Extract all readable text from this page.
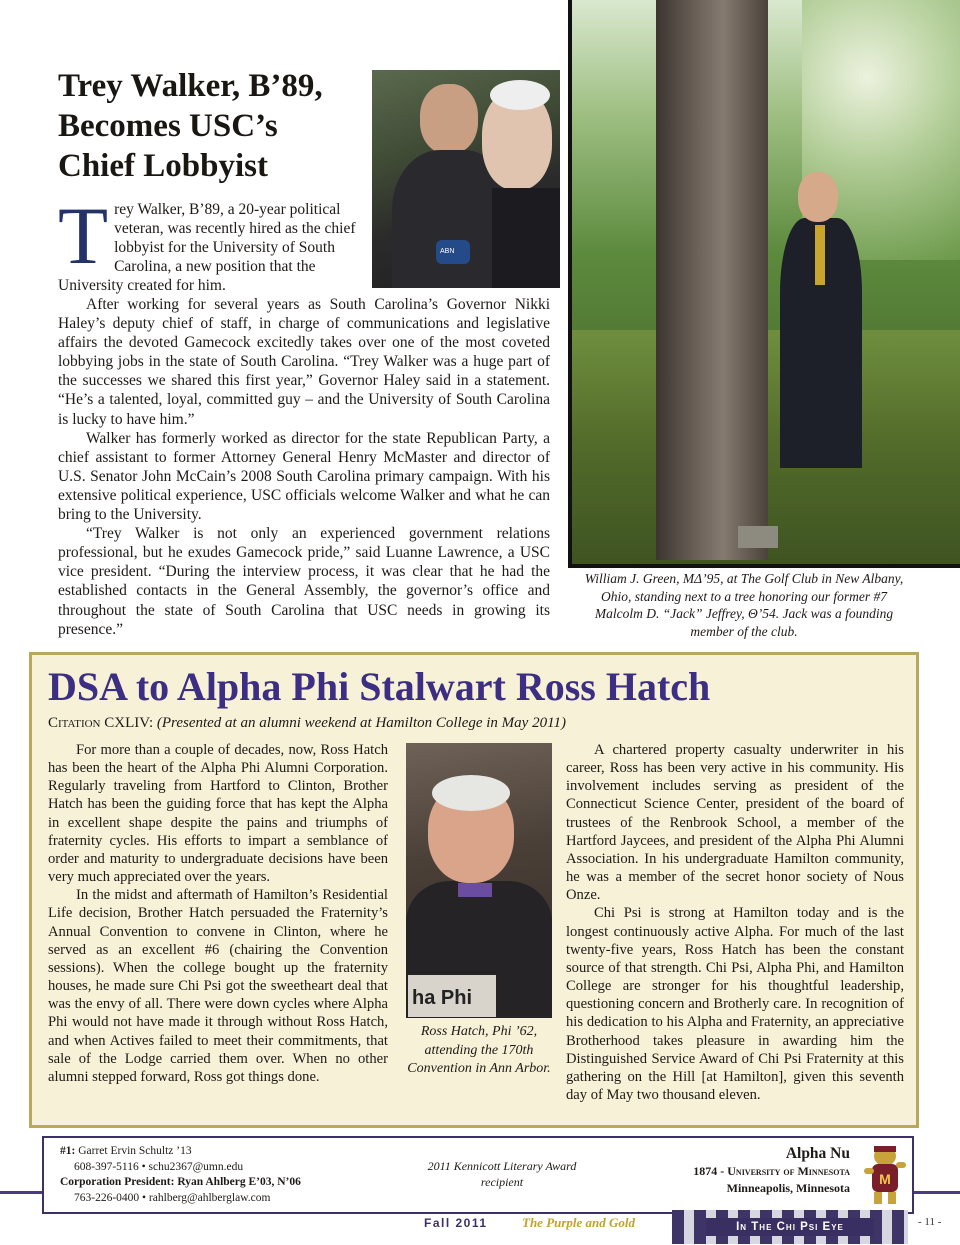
Trey Walker, B’89,
Becomes USC’s
Chief Lobbyist
ABN

Trey Walker, B’89, a 20-year political veteran, was recently hired as the chief lobbyist for the University of South Carolina, a new position that the University created for him.

After working for several years as South Carolina’s Governor Nikki Haley’s deputy chief of staff, in charge of communications and legislative affairs the devoted Gamecock excitedly takes over one of the most coveted lobbying jobs in the state of South Carolina. “Trey Walker was a huge part of the successes we shared this first year,” Governor Haley said in a statement. “He’s a talented, loyal, committed guy – and the University of South Carolina is lucky to have him.”

Walker has formerly worked as director for the state Republican Party, a chief assistant to former Attorney General Henry McMaster and director of U.S. Senator John McCain’s 2008 South Carolina primary campaign. With his extensive political experience, USC officials welcome Walker and what he can bring to the University.

“Trey Walker is not only an experienced government relations professional, but he exudes Gamecock pride,” said Luanne Lawrence, a USC vice president. “During the interview process, it was clear that he had the established contacts in the General Assembly, the governor’s office and throughout the state of South Carolina that USC needs in growing its presence.”

William J. Green, MΔ’95, at The Golf Club in New Albany, Ohio, standing next to a tree honoring our former #7 Malcolm D. “Jack” Jeffrey, Θ’54. Jack was a founding member of the club.
DSA to Alpha Phi Stalwart Ross Hatch
Citation CXLIV: (Presented at an alumni weekend at Hamilton College in May 2011)

For more than a couple of decades, now, Ross Hatch has been the heart of the Alpha Phi Alumni Corporation. Regularly traveling from Hartford to Clinton, Brother Hatch has been the guiding force that has kept the Alpha in excellent shape despite the pains and triumphs of fraternity cycles. His efforts to impart a semblance of order and maturity to undergraduate decisions have been very much appreciated over the years.

In the midst and aftermath of Hamilton’s Residential Life decision, Brother Hatch persuaded the Fraternity’s Annual Convention to convene in Clinton, where he served as an excellent #6 (chairing the Convention sessions). When the college bought up the fraternity houses, he made sure Chi Psi got the sweetheart deal that was the envy of all. There were down cycles where Alpha Phi would not have made it through without Ross Hatch, and when Actives failed to meet their commitments, that sale of the Lodge carried them over. When no other alumni stepped forward, Ross got things done.

ha Phi
Ross Hatch, Phi ’62, attending the 170th Convention in Ann Arbor.

A chartered property casualty underwriter in his career, Ross has been very active in his community. His involvement includes serving as president of the Connecticut Science Center, president of the board of trustees of the Renbrook School, a member of the Hartford Jaycees, and president of the Alpha Phi Alumni Association. In his undergraduate Hamilton community, he was a member of the secret honor society of Nous Onze.

Chi Psi is strong at Hamilton today and is the longest continuously active Alpha. For much of the last twenty-five years, Ross Hatch has been the constant source of that strength. Chi Psi, Alpha Phi, and Hamilton College are stronger for his thoughtful leadership, questioning concern and Brotherly care. In recognition of his dedication to his Alpha and Fraternity, an appreciative Brotherhood takes pleasure in awarding him the Distinguished Service Award of Chi Psi Fraternity at this gathering on the Hill [at Hamilton], given this seventh day of May two thousand eleven.

#1: Garret Ervin Schultz ’13
608-397-5116 • schu2367@umn.edu
Corporation President: Ryan Ahlberg E’03, N’06
763-226-0400 • rahlberg@ahlberglaw.com
2011 Kennicott Literary Award recipient
Alpha Nu
1874 - University of Minnesota
Minneapolis, Minnesota
M
Fall 2011	The Purple and Gold	In The Chi Psi Eye	- 11 -
